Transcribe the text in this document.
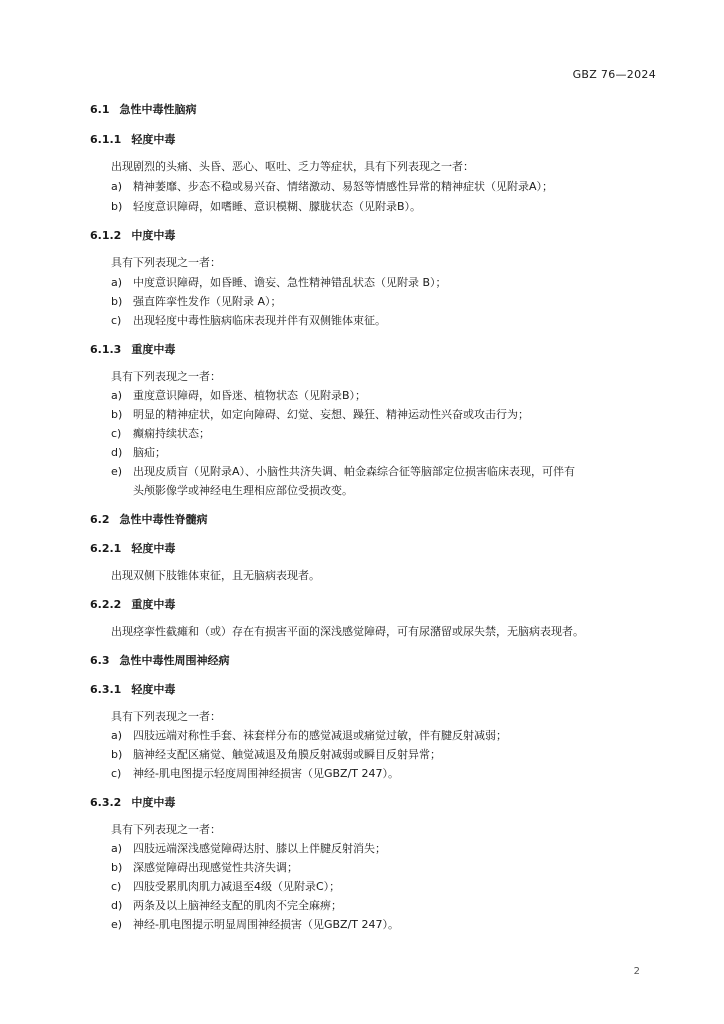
GBZ 76—2024
6.1 急性中毒性脑病
6.1.1 轻度中毒
出现剧烈的头痛、头昏、恶心、呕吐、乏力等症状，具有下列表现之一者：
a) 精神萎靡、步态不稳或易兴奋、情绪激动、易怒等情感性异常的精神症状（见附录A）；
b) 轻度意识障碍，如嗜睡、意识模糊、朦胧状态（见附录B）。
6.1.2 中度中毒
具有下列表现之一者：
a) 中度意识障碍，如昏睡、谵妄、急性精神错乱状态（见附录 B）；
b) 强直阵挛性发作（见附录 A）；
c) 出现轻度中毒性脑病临床表现并伴有双侧锥体束征。
6.1.3 重度中毒
具有下列表现之一者：
a) 重度意识障碍，如昏迷、植物状态（见附录B）；
b) 明显的精神症状，如定向障碍、幻觉、妄想、躁狂、精神运动性兴奋或攻击行为；
c) 癫痫持续状态；
d) 脑疝；
e) 出现皮质盲（见附录A）、小脑性共济失调、帕金森综合征等脑部定位损害临床表现，可伴有
头颅影像学或神经电生理相应部位受损改变。
6.2 急性中毒性脊髓病
6.2.1 轻度中毒
出现双侧下肢锥体束征，且无脑病表现者。
6.2.2 重度中毒
出现痉挛性截瘫和（或）存在有损害平面的深浅感觉障碍，可有尿潴留或尿失禁，无脑病表现者。
6.3 急性中毒性周围神经病
6.3.1 轻度中毒
具有下列表现之一者：
a) 四肢远端对称性手套、袜套样分布的感觉减退或痛觉过敏，伴有腱反射减弱；
b) 脑神经支配区痛觉、触觉减退及角膜反射减弱或瞬目反射异常；
c) 神经-肌电图提示轻度周围神经损害（见GBZ/T 247）。
6.3.2 中度中毒
具有下列表现之一者：
a) 四肢远端深浅感觉障碍达肘、膝以上伴腱反射消失；
b) 深感觉障碍出现感觉性共济失调；
c) 四肢受累肌肉肌力减退至4级（见附录C）；
d) 两条及以上脑神经支配的肌肉不完全麻痹；
e) 神经-肌电图提示明显周围神经损害（见GBZ/T 247）。
2
